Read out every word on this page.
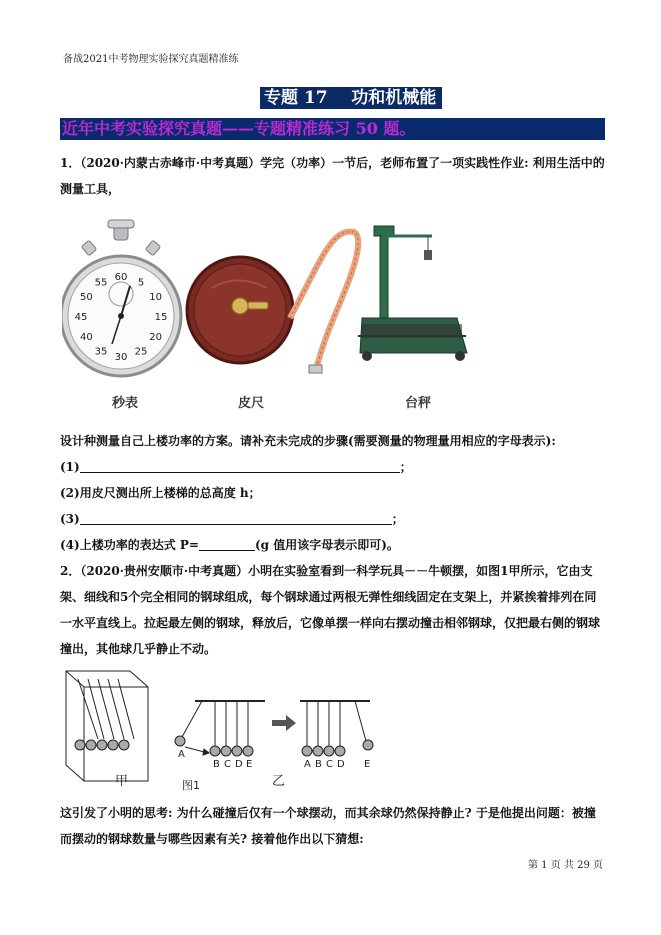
备战2021中考物理实验探究真题精准练
专题 17    功和机械能
近年中考实验探究真题——专题精准练习 50 题。
1．（2020·内蒙古赤峰市·中考真题）学完（功率）一节后，老师布置了一项实践性作业: 利用生活中的测量工具，
60 5
10
15
20
25
30
35
40
45
50
55
秒表	皮尺	台秤
设计种测量自己上楼功率的方案。请补充未完成的步骤(需要测量的物理量用相应的字母表示):
(1)	；
(2)用皮尺测出所上楼梯的总高度 h；
(3)	；
(4)上楼功率的表达式 P=	(g 值用该字母表示即可)。
2．（2020·贵州安顺市·中考真题）小明在实验室看到一科学玩具－－牛顿摆，如图1甲所示，它由支架、细线和5个完全相同的钢球组成，每个钢球通过两根无弹性细线固定在支架上，并紧挨着排列在同一水平直线上。拉起最左侧的钢球，释放后，它像单摆一样向右摆动撞击相邻钢球，仅把最右侧的钢球撞出，其他球几乎静止不动。
A
B C D E	A B C D E
甲	图1	乙
这引发了小明的思考: 为什么碰撞后仅有一个球摆动，而其余球仍然保持静止? 于是他提出问题：被撞而摆动的钢球数量与哪些因素有关? 接着他作出以下猜想:
第 1 页 共 29 页
